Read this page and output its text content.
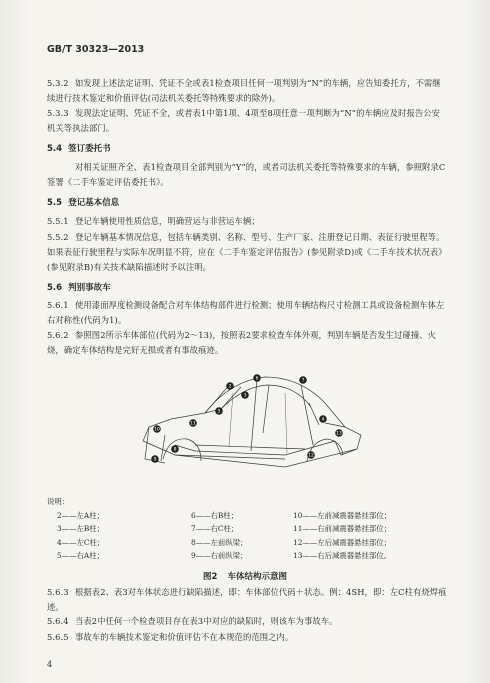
GB/T 30323—2013
5.3.2 如发现上述法定证明、凭证不全或表1检查项目任何一项判别为“N”的车辆，应告知委托方，不需继续进行技术鉴定和价值评估(司法机关委托等特殊要求的除外)。
5.3.3 发现法定证明、凭证不全，或者表1中第1项、4项至8项任意一项判断为“N”的车辆应及时报告公安机关等执法部门。
5.4 签订委托书
对相关证照齐全、表1检查项目全部判别为“Y”的，或者司法机关委托等特殊要求的车辆，参照附录C签署《二手车鉴定评估委托书》。
5.5 登记基本信息
5.5.1 登记车辆使用性质信息，明确营运与非营运车辆；
5.5.2 登记车辆基本情况信息，包括车辆类别、名称、型号、生产厂家、注册登记日期、表征行驶里程等。如果表征行驶里程与实际车况明显不符，应在《二手车鉴定评估报告》(参见附录D)或《二手车技术状况表》(参见附录B)有关技术缺陷描述时予以注明。
5.6 判别事故车
5.6.1 使用漆面厚度检测设备配合对车体结构部件进行检测；使用车辆结构尺寸检测工具或设备检测车体左右对称性(代码为1)。
5.6.2 参照图2所示车体部位(代码为2～13)，按照表2要求检查车体外观，判别车辆是否发生过碰撞、火烧，确定车体结构是完好无损或者有事故痕迹。
2
6	7
5
3
10
4
13
8
12
11
9
说明：
2——左A柱；	6——右B柱；	10——左前减震器悬挂部位；
3——左B柱；	7——右C柱；	11——右前减震器悬挂部位；
4——左C柱；	8——左前纵梁；	12——左后减震器悬挂部位；
5——右A柱；	9——右前纵梁；	13——右后减震器悬挂部位。
图2 车体结构示意图
5.6.3 根据表2、表3对车体状态进行缺陷描述，即：车体部位代码＋状态。例：4SH，即：左C柱有烧焊痕迹。
5.6.4 当表2中任何一个检查项目存在表3中对应的缺陷时，则该车为事故车。
5.6.5 事故车的车辆技术鉴定和价值评估不在本规范的范围之内。
4
